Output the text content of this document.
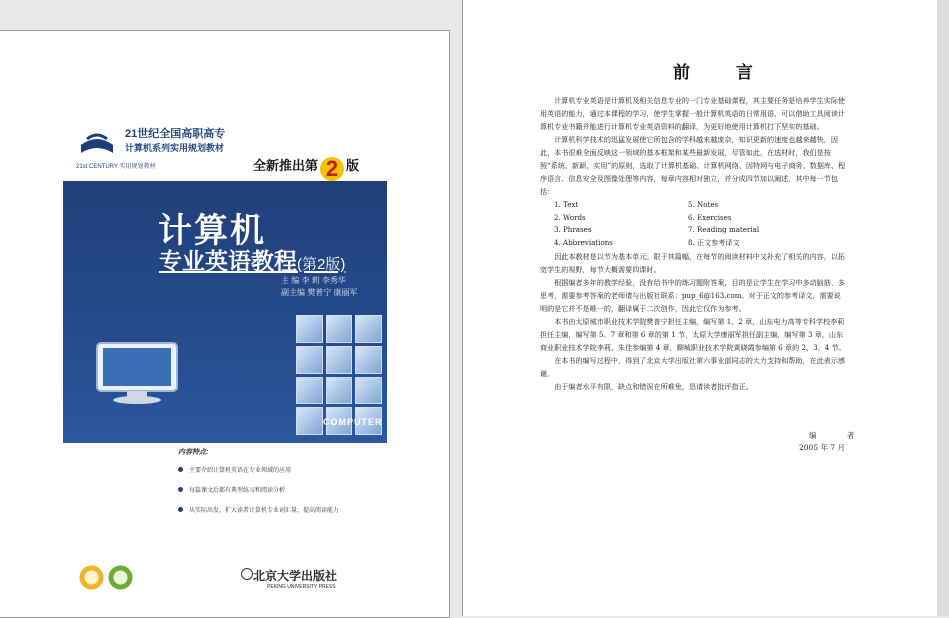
21st CENTURY 实用规划教材
21世纪全国高职高专
计算机系列实用规划教材
全新推出第 2 版
计算机
专业英语教程(第2版)
主 编 李 莉 李秀华
副主编 樊普宁 康丽军
COMPUTER
内容特点:
主要介绍计算机英语在专业领域的应用
每篇课文后都有典型练习和阅读分析
从实际出发，扩大读者计算机专业词汇量，提高阅读能力
北京大学出版社
PEKING UNIVERSITY PRESS
前 言

计算机专业英语是计算机及相关信息专业的一门专业基础课程，其主要任务是培养学生实际使用英语的能力，通过本课程的学习，使学生掌握一般计算机英语的日常用语，可以借助工具阅读计算机专业书籍并能进行计算机专业英语资料的翻译，为更好地使用计算机打下坚实的基础。

计算机科学技术的迅猛发展使它所包含的学科越来越庞杂，知识更新的速度也越来越快，因此，本书很难全面反映这一领域的基本框架和某些最新发展，尽管如此，在选材时，我们是按照“系统、新颖、实用”的原则，选取了计算机基础、计算机网络、因特网与电子商务、数据库、程序语言、信息安全及图像处理等内容，每章内容相对独立，并分成四节加以阐述，其中每一节包括：

1. Text	5. Notes
2. Words	6. Exercises
3. Phrases	7. Reading material
4. Abbreviations	8. 正文参考译文

因此本教材是以节为基本单元。限于其篇幅，在每节的阅读材料中又补充了相关的内容，以拓宽学生的视野，每节大概需要四课时。

根据编者多年的教学经验，没有给书中的练习题附答案，目的是让学生在学习中多动脑筋、多思考，需要参考答案的老师请与出版社联系：pup_6@163.com。对于正文的参考译文，需要说明的是它并不是唯一的，翻译属于二次创作，因此它仅作为参考。

本书由太原城市职业技术学院樊普宁担任主编，编写第 1、2 章，山东电力高等专科学校李莉担任主编，编写第 5、7 章和第 6 章的第 1 节，太原大学康丽军担任副主编，编写第 3 章，山东商业职业技术学院李莉、朱佳参编第 4 章，聊城职业技术学院黄晓霞参编第 6 章的 2、3、4 节。

在本书的编写过程中，得到了北京大学出版社第六事业部同志的大力支持和帮助，在此表示感谢。

由于编者水平有限，缺点和错误在所难免，恳请读者批评指正。

编 者
2005 年 7 月
